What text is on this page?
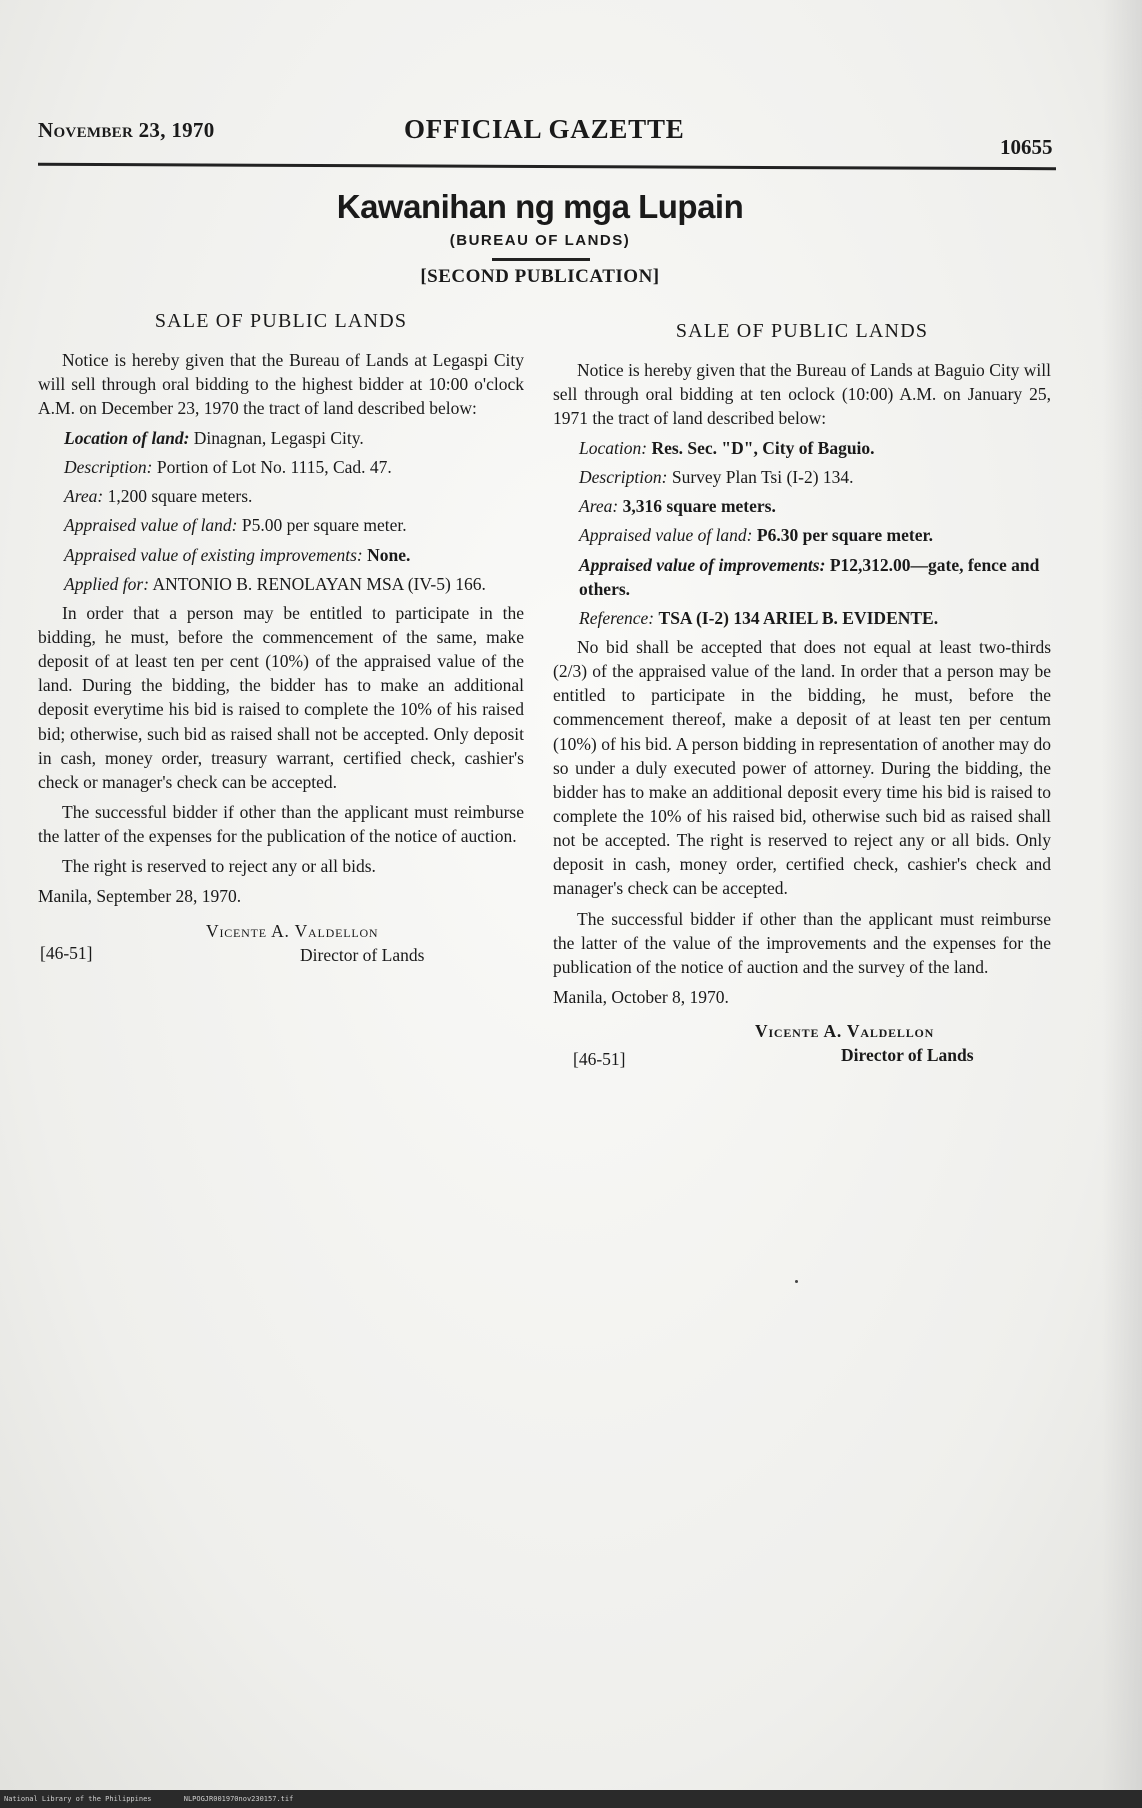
November 23, 1970	OFFICIAL GAZETTE
10655
Kawanihan ng mga Lupain
(BUREAU OF LANDS)
[SECOND PUBLICATION]
SALE OF PUBLIC LANDS

Notice is hereby given that the Bureau of Lands at Legaspi City will sell through oral bidding to the highest bidder at 10:00 o'clock A.M. on December 23, 1970 the tract of land described below:

Location of land: Dinagnan, Legaspi City.

Description: Portion of Lot No. 1115, Cad. 47.

Area: 1,200 square meters.

Appraised value of land: P5.00 per square meter.

Appraised value of existing improvements: None.

Applied for: ANTONIO B. RENOLAYAN MSA (IV-5) 166.

In order that a person may be entitled to participate in the bidding, he must, before the commencement of the same, make deposit of at least ten per cent (10%) of the appraised value of the land. During the bidding, the bidder has to make an additional deposit everytime his bid is raised to complete the 10% of his raised bid; otherwise, such bid as raised shall not be accepted. Only deposit in cash, money order, treasury warrant, certified check, cashier's check or manager's check can be accepted.

The successful bidder if other than the applicant must reimburse the latter of the expenses for the publication of the notice of auction.

The right is reserved to reject any or all bids.

Manila, September 28, 1970.

[46-51]
Vicente A. Valdellon
Director of Lands
SALE OF PUBLIC LANDS

Notice is hereby given that the Bureau of Lands at Baguio City will sell through oral bidding at ten oclock (10:00) A.M. on January 25, 1971 the tract of land described below:

Location: Res. Sec. "D", City of Baguio.

Description: Survey Plan Tsi (I-2) 134.

Area: 3,316 square meters.

Appraised value of land: P6.30 per square meter.

Appraised value of improvements: P12,312.00—gate, fence and others.

Reference: TSA (I-2) 134 ARIEL B. EVIDENTE.

No bid shall be accepted that does not equal at least two-thirds (2/3) of the appraised value of the land. In order that a person may be entitled to participate in the bidding, he must, before the commencement thereof, make a deposit of at least ten per centum (10%) of his bid. A person bidding in representation of another may do so under a duly executed power of attorney. During the bidding, the bidder has to make an additional deposit every time his bid is raised to complete the 10% of his raised bid, otherwise such bid as raised shall not be accepted. The right is reserved to reject any or all bids. Only deposit in cash, money order, certified check, cashier's check and manager's check can be accepted.

The successful bidder if other than the applicant must reimburse the latter of the value of the improvements and the expenses for the publication of the notice of auction and the survey of the land.

Manila, October 8, 1970.

Vicente A. Valdellon
Director of Lands
[46-51]
National Library of the Philippines	NLPOGJR001970nov230157.tif
